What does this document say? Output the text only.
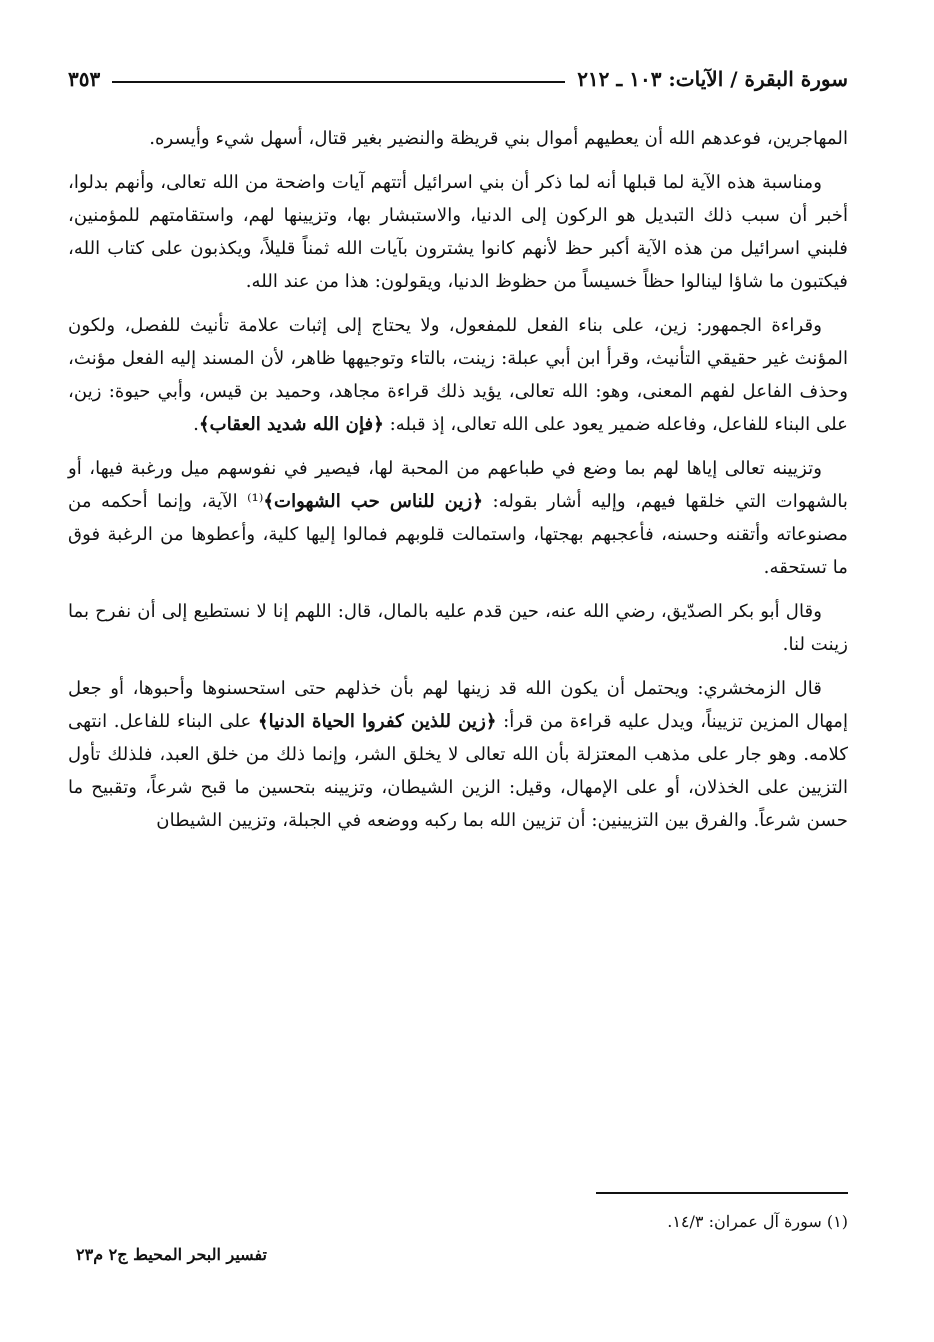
سورة البقرة / الآيات: ١٠٣ ـ ٢١٢
٣٥٣

المهاجرين، فوعدهم الله أن يعطيهم أموال بني قريظة والنضير بغير قتال، أسهل شيء وأيسره.

ومناسبة هذه الآية لما قبلها أنه لما ذكر أن بني اسرائيل أتتهم آيات واضحة من الله تعالى، وأنهم بدلوا، أخبر أن سبب ذلك التبديل هو الركون إلى الدنيا، والاستبشار بها، وتزيينها لهم، واستقامتهم للمؤمنين، فلبني اسرائيل من هذه الآية أكبر حظ لأنهم كانوا يشترون بآيات الله ثمناً قليلاً، ويكذبون على كتاب الله، فيكتبون ما شاؤا لينالوا حظاً خسيساً من حظوظ الدنيا، ويقولون: هذا من عند الله.

وقراءة الجمهور: زين، على بناء الفعل للمفعول، ولا يحتاج إلى إثبات علامة تأنيث للفصل، ولكون المؤنث غير حقيقي التأنيث، وقرأ ابن أبي عبلة: زينت، بالتاء وتوجيهها ظاهر، لأن المسند إليه الفعل مؤنث، وحذف الفاعل لفهم المعنى، وهو: الله تعالى، يؤيد ذلك قراءة مجاهد، وحميد بن قيس، وأبي حيوة: زين، على البناء للفاعل، وفاعله ضمير يعود على الله تعالى، إذ قبله: ﴿فإن الله شديد العقاب﴾.

وتزيينه تعالى إياها لهم بما وضع في طباعهم من المحبة لها، فيصير في نفوسهم ميل ورغبة فيها، أو بالشهوات التي خلقها فيهم، وإليه أشار بقوله: ﴿زين للناس حب الشهوات﴾⁽¹⁾ الآية، وإنما أحكمه من مصنوعاته وأتقنه وحسنه، فأعجبهم بهجتها، واستمالت قلوبهم فمالوا إليها كلية، وأعطوها من الرغبة فوق ما تستحقه.

وقال أبو بكر الصدّيق، رضي الله عنه، حين قدم عليه بالمال، قال: اللهم إنا لا نستطيع إلى أن نفرح بما زينت لنا.

قال الزمخشري: ويحتمل أن يكون الله قد زينها لهم بأن خذلهم حتى استحسنوها وأحبوها، أو جعل إمهال المزين تزييناً، ويدل عليه قراءة من قرأ: ﴿زين للذين كفروا الحياة الدنيا﴾ على البناء للفاعل. انتهى كلامه. وهو جار على مذهب المعتزلة بأن الله تعالى لا يخلق الشر، وإنما ذلك من خلق العبد، فلذلك تأول التزيين على الخذلان، أو على الإمهال، وقيل: الزين الشيطان، وتزيينه بتحسين ما قبح شرعاً، وتقبيح ما حسن شرعاً. والفرق بين التزيينين: أن تزيين الله بما ركبه ووضعه في الجبلة، وتزيين الشيطان

(١) سورة آل عمران: ١٤/٣.
تفسير البحر المحيط ج٢ م٢٣
